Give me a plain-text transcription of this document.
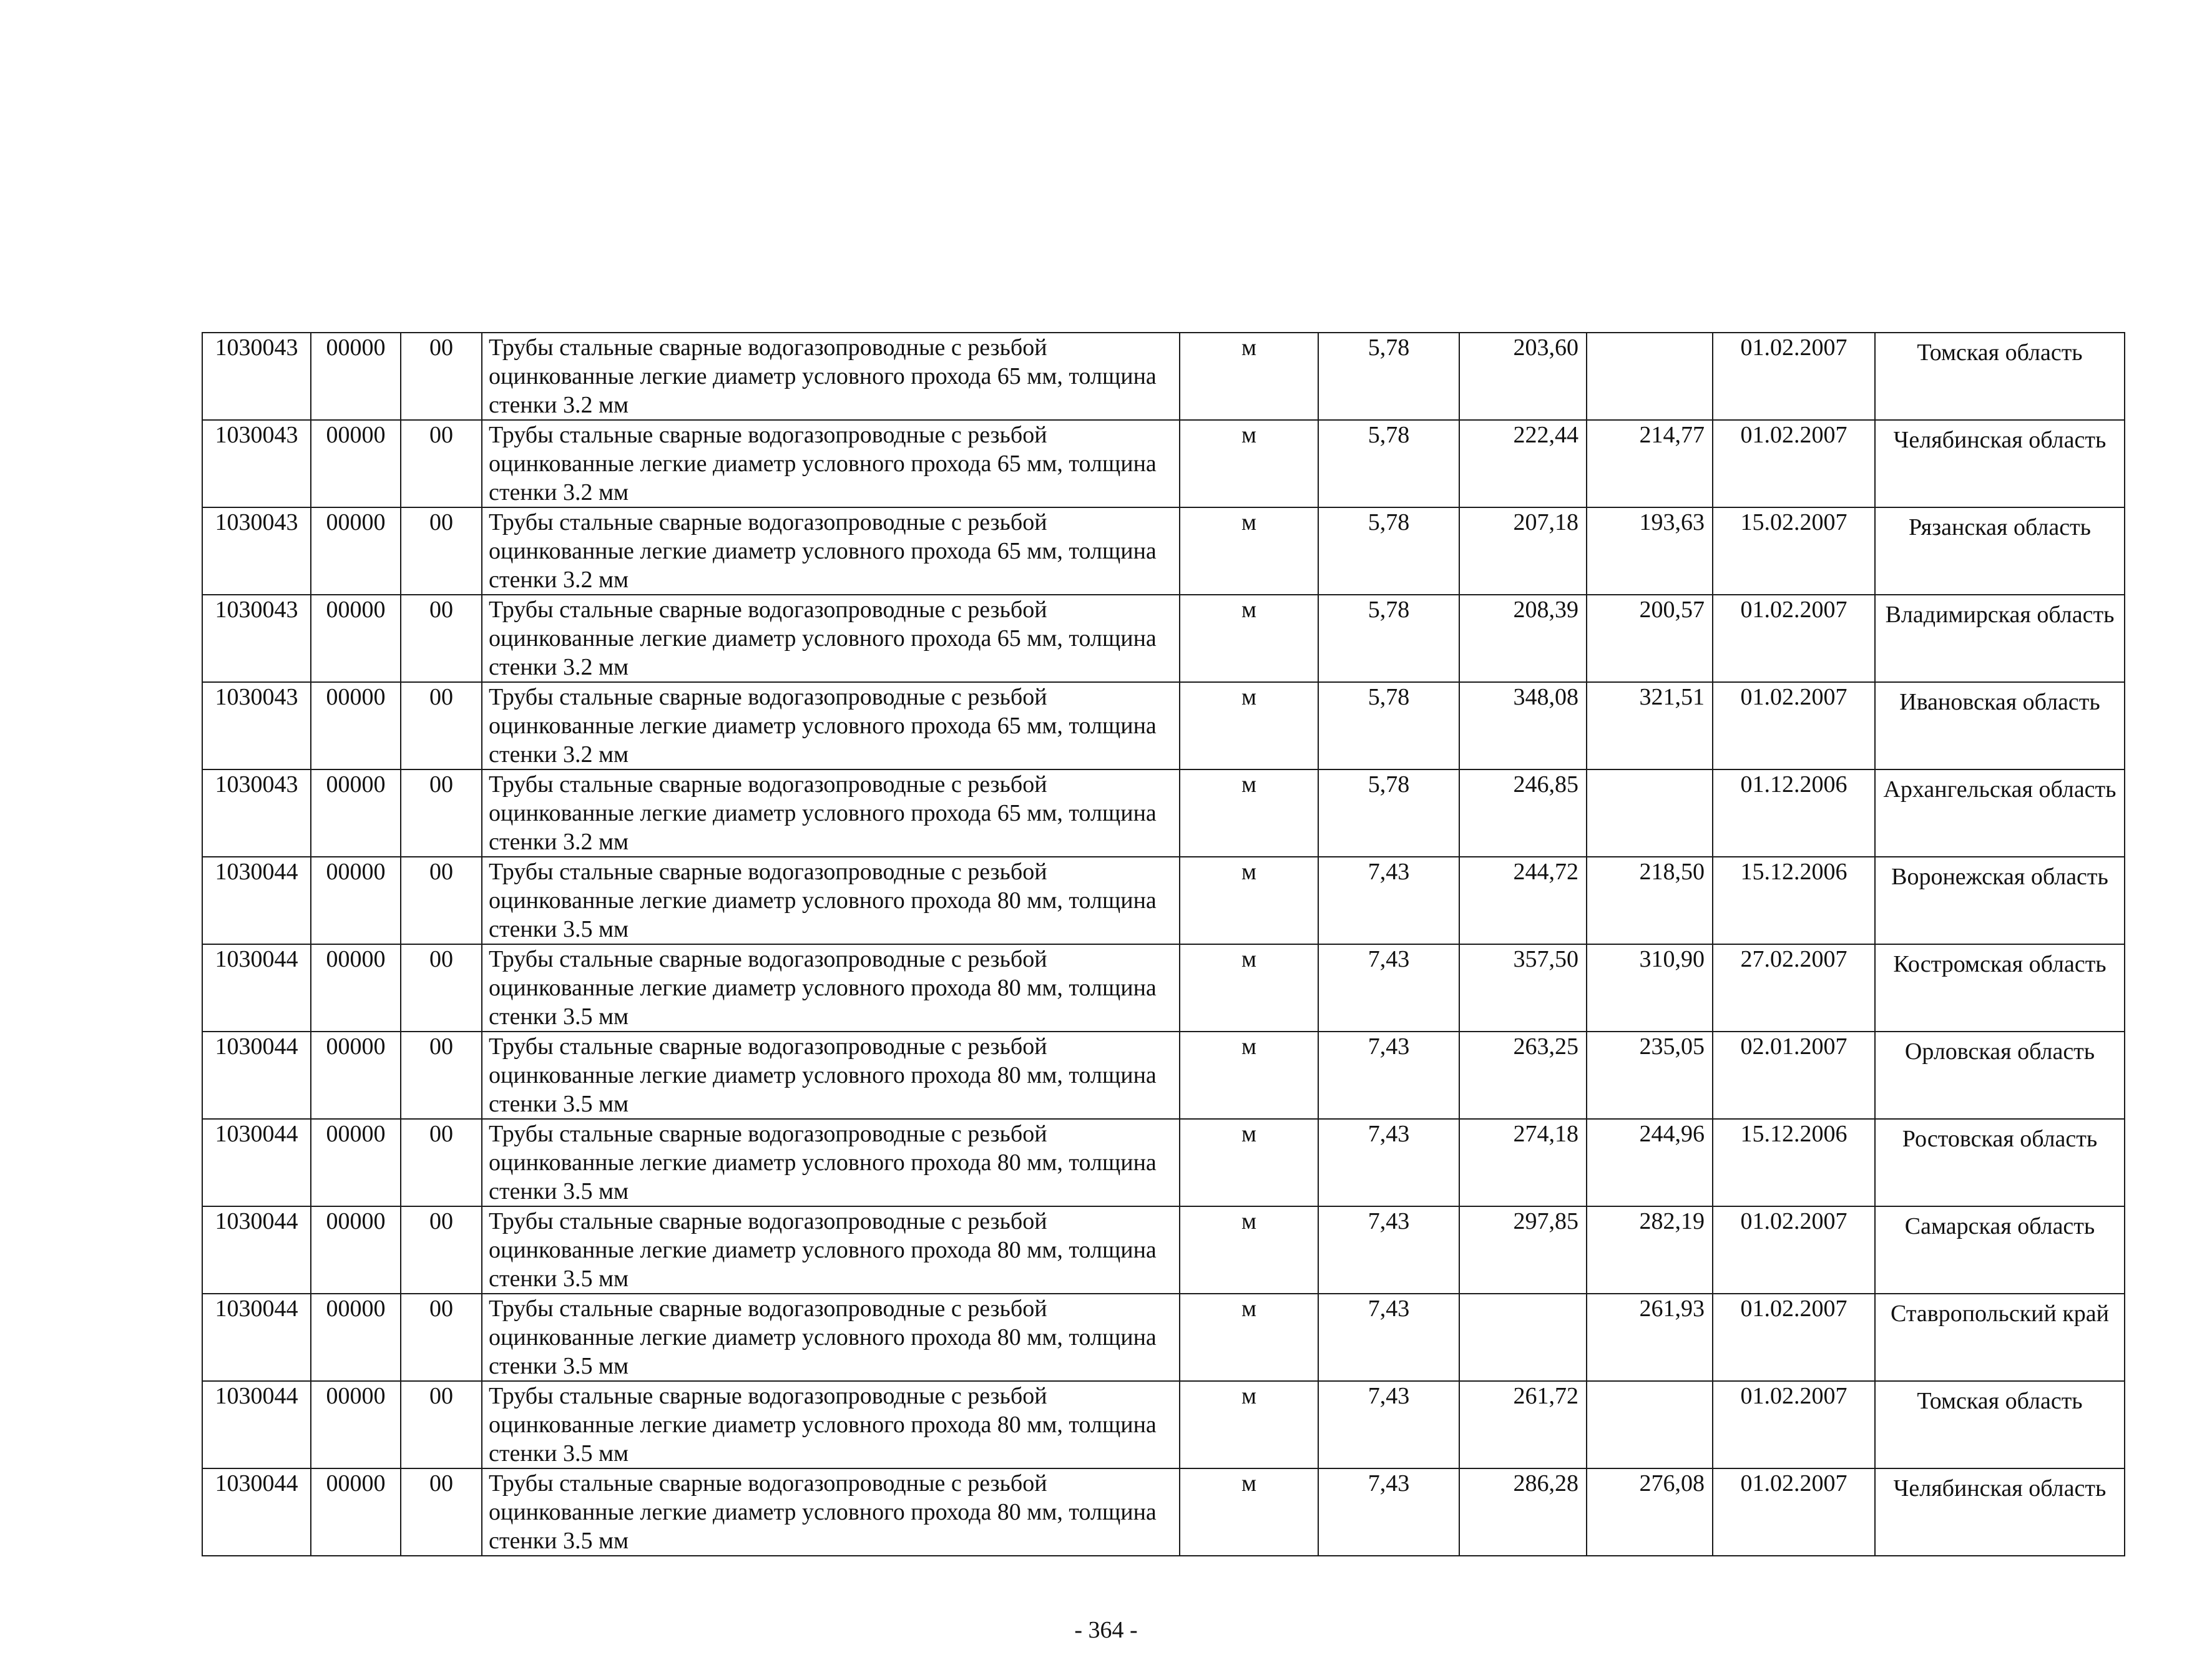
1030043	00000	00	Трубы стальные сварные водогазопроводные с резьбой оцинкованные легкие диаметр условного прохода 65 мм, толщина стенки 3.2 мм	м	5,78	203,60		01.02.2007	Томская область
1030043	00000	00	Трубы стальные сварные водогазопроводные с резьбой оцинкованные легкие диаметр условного прохода 65 мм, толщина стенки 3.2 мм	м	5,78	222,44	214,77	01.02.2007	Челябинская область
1030043	00000	00	Трубы стальные сварные водогазопроводные с резьбой оцинкованные легкие диаметр условного прохода 65 мм, толщина стенки 3.2 мм	м	5,78	207,18	193,63	15.02.2007	Рязанская область
1030043	00000	00	Трубы стальные сварные водогазопроводные с резьбой оцинкованные легкие диаметр условного прохода 65 мм, толщина стенки 3.2 мм	м	5,78	208,39	200,57	01.02.2007	Владимирская область
1030043	00000	00	Трубы стальные сварные водогазопроводные с резьбой оцинкованные легкие диаметр условного прохода 65 мм, толщина стенки 3.2 мм	м	5,78	348,08	321,51	01.02.2007	Ивановская область
1030043	00000	00	Трубы стальные сварные водогазопроводные с резьбой оцинкованные легкие диаметр условного прохода 65 мм, толщина стенки 3.2 мм	м	5,78	246,85		01.12.2006	Архангельская область
1030044	00000	00	Трубы стальные сварные водогазопроводные с резьбой оцинкованные легкие диаметр условного прохода 80 мм, толщина стенки 3.5 мм	м	7,43	244,72	218,50	15.12.2006	Воронежская область
1030044	00000	00	Трубы стальные сварные водогазопроводные с резьбой оцинкованные легкие диаметр условного прохода 80 мм, толщина стенки 3.5 мм	м	7,43	357,50	310,90	27.02.2007	Костромская область
1030044	00000	00	Трубы стальные сварные водогазопроводные с резьбой оцинкованные легкие диаметр условного прохода 80 мм, толщина стенки 3.5 мм	м	7,43	263,25	235,05	02.01.2007	Орловская область
1030044	00000	00	Трубы стальные сварные водогазопроводные с резьбой оцинкованные легкие диаметр условного прохода 80 мм, толщина стенки 3.5 мм	м	7,43	274,18	244,96	15.12.2006	Ростовская область
1030044	00000	00	Трубы стальные сварные водогазопроводные с резьбой оцинкованные легкие диаметр условного прохода 80 мм, толщина стенки 3.5 мм	м	7,43	297,85	282,19	01.02.2007	Самарская область
1030044	00000	00	Трубы стальные сварные водогазопроводные с резьбой оцинкованные легкие диаметр условного прохода 80 мм, толщина стенки 3.5 мм	м	7,43		261,93	01.02.2007	Ставропольский край
1030044	00000	00	Трубы стальные сварные водогазопроводные с резьбой оцинкованные легкие диаметр условного прохода 80 мм, толщина стенки 3.5 мм	м	7,43	261,72		01.02.2007	Томская область
1030044	00000	00	Трубы стальные сварные водогазопроводные с резьбой оцинкованные легкие диаметр условного прохода 80 мм, толщина стенки 3.5 мм	м	7,43	286,28	276,08	01.02.2007	Челябинская область
- 364 -
